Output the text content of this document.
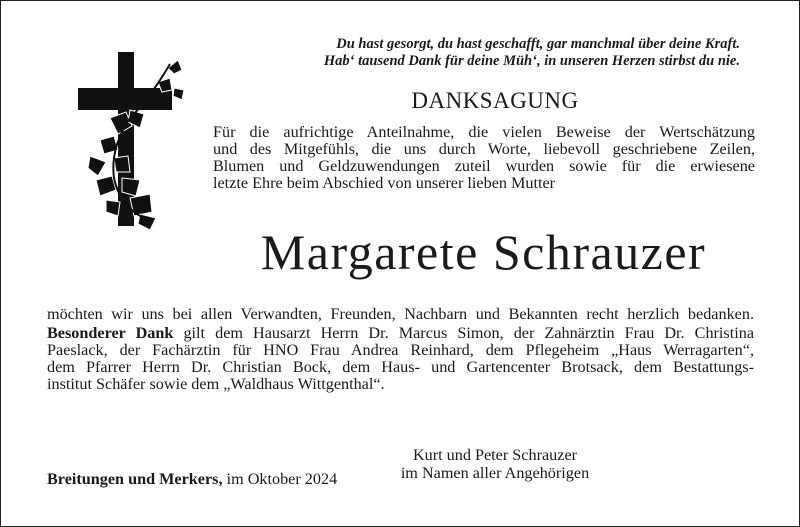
Du hast gesorgt, du hast geschafft, gar manchmal über deine Kraft.
Hab‘ tausend Dank für deine Müh‘, in unseren Herzen stirbst du nie.
DANKSAGUNG
Für die aufrichtige Anteilnahme, die vielen Beweise der Wertschätzung
und des Mitgefühls, die uns durch Worte, liebevoll geschriebene Zeilen,
Blumen und Geldzuwendungen zuteil wurden sowie für die erwiesene
letzte Ehre beim Abschied von unserer lieben Mutter
Margarete Schrauzer
möchten wir uns bei allen Verwandten, Freunden, Nachbarn und Bekannten recht herzlich bedanken.
Besonderer Dank gilt dem Hausarzt Herrn Dr. Marcus Simon, der Zahnärztin Frau Dr. Christina
Paeslack, der Fachärztin für HNO Frau Andrea Reinhard, dem Pflegeheim „Haus Werragarten“,
dem Pfarrer Herrn Dr. Christian Bock, dem Haus- und Gartencenter Brotsack, dem Bestattungs-
institut Schäfer sowie dem „Waldhaus Wittgenthal“.
Kurt und Peter Schrauzer
im Namen aller Angehörigen
Breitungen und Merkers, im Oktober 2024
